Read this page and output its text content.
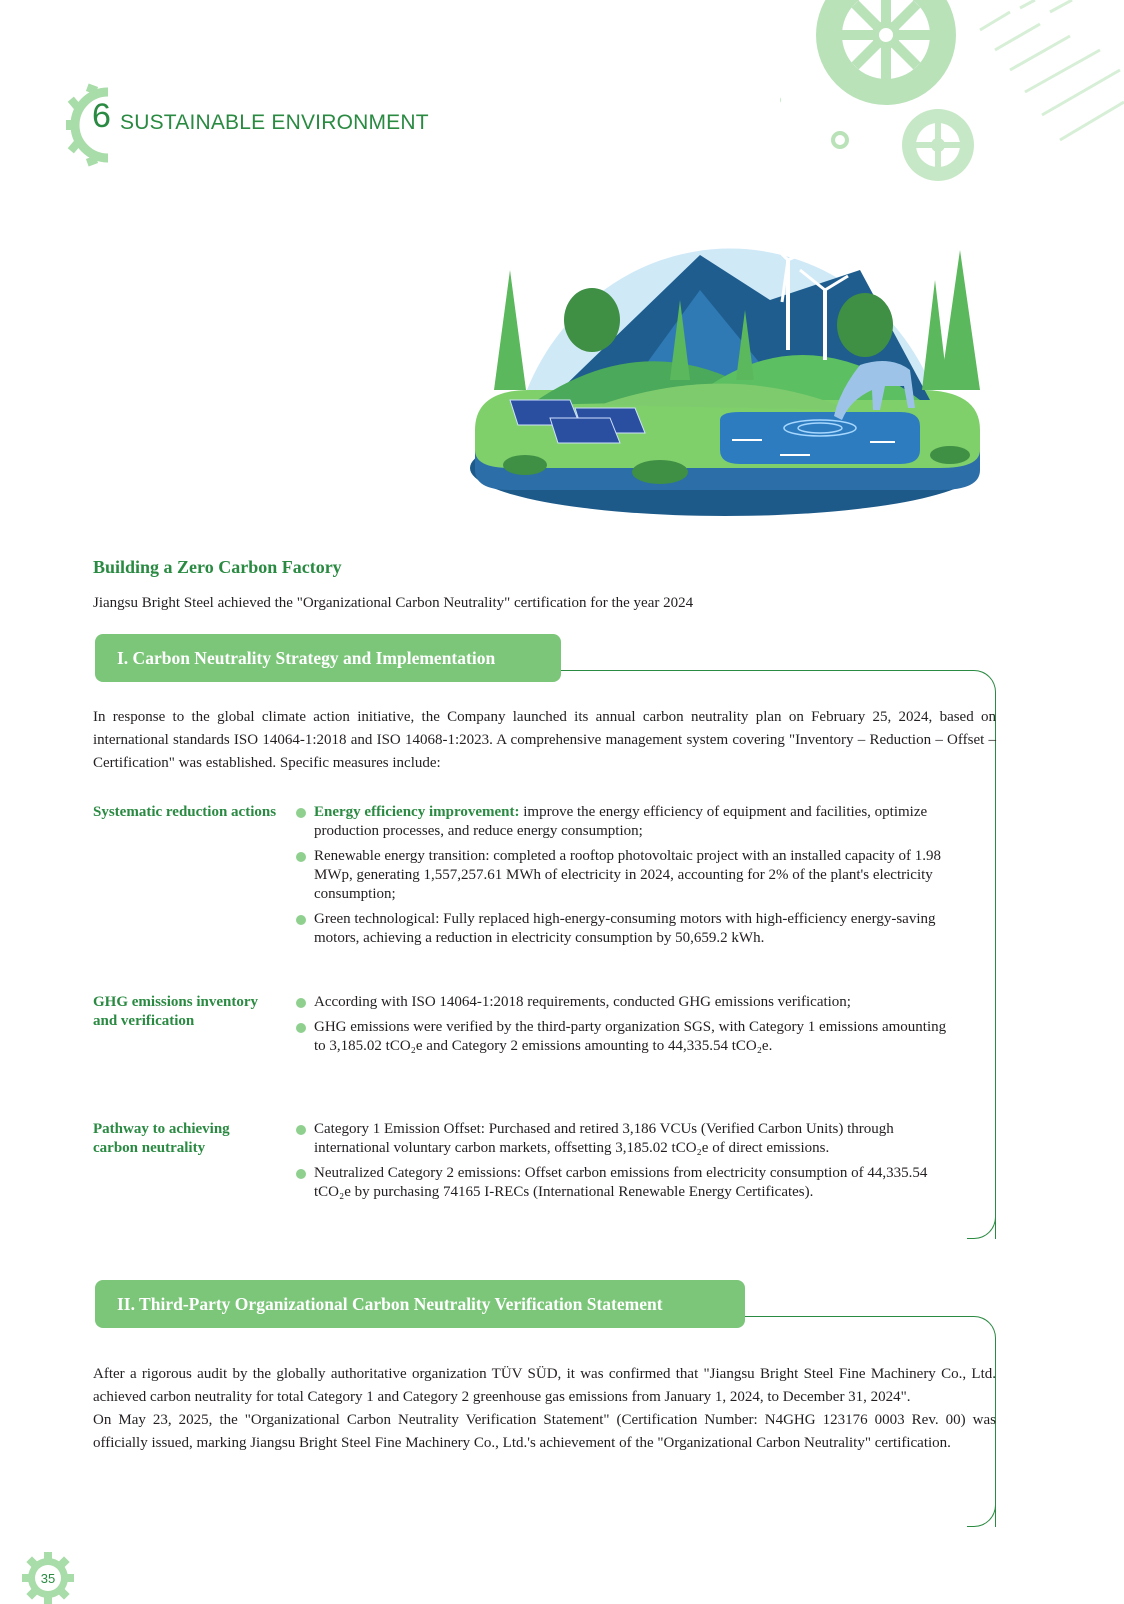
6 SUSTAINABLE ENVIRONMENT
Building a Zero Carbon Factory
Jiangsu Bright Steel achieved the "Organizational Carbon Neutrality" certification for the year 2024
I. Carbon Neutrality Strategy and Implementation
In response to the global climate action initiative, the Company launched its annual carbon neutrality plan on February 25, 2024, based on international standards ISO 14064-1:2018 and ISO 14068-1:2023. A comprehensive management system covering "Inventory – Reduction – Offset – Certification" was established. Specific measures include:
Systematic reduction actions	Energy efficiency improvement: improve the energy efficiency of equipment and facilities, optimize production processes, and reduce energy consumption;
Renewable energy transition: completed a rooftop photovoltaic project with an installed capacity of 1.98 MWp, generating 1,557,257.61 MWh of electricity in 2024, accounting for 2% of the plant's electricity consumption;
Green technological: Fully replaced high-energy-consuming motors with high-efficiency energy-saving motors, achieving a reduction in electricity consumption by 50,659.2 kWh.
GHG emissions inventory and verification
According with ISO 14064-1:2018 requirements, conducted GHG emissions verification;
GHG emissions were verified by the third-party organization SGS, with Category 1 emissions amounting to 3,185.02 tCO₂e and Category 2 emissions amounting to 44,335.54 tCO₂e.
Pathway to achieving carbon neutrality
Category 1 Emission Offset: Purchased and retired 3,186 VCUs (Verified Carbon Units) through international voluntary carbon markets, offsetting 3,185.02 tCO₂e of direct emissions.
Neutralized Category 2 emissions: Offset carbon emissions from electricity consumption of 44,335.54 tCO₂e by purchasing 74165 I-RECs (International Renewable Energy Certificates).
II. Third-Party Organizational Carbon Neutrality Verification Statement
After a rigorous audit by the globally authoritative organization TÜV SÜD, it was confirmed that "Jiangsu Bright Steel Fine Machinery Co., Ltd. achieved carbon neutrality for total Category 1 and Category 2 greenhouse gas emissions from January 1, 2024, to December 31, 2024".
On May 23, 2025, the "Organizational Carbon Neutrality Verification Statement" (Certification Number: N4GHG 123176 0003 Rev. 00) was officially issued, marking Jiangsu Bright Steel Fine Machinery Co., Ltd.'s achievement of the "Organizational Carbon Neutrality" certification.
35
